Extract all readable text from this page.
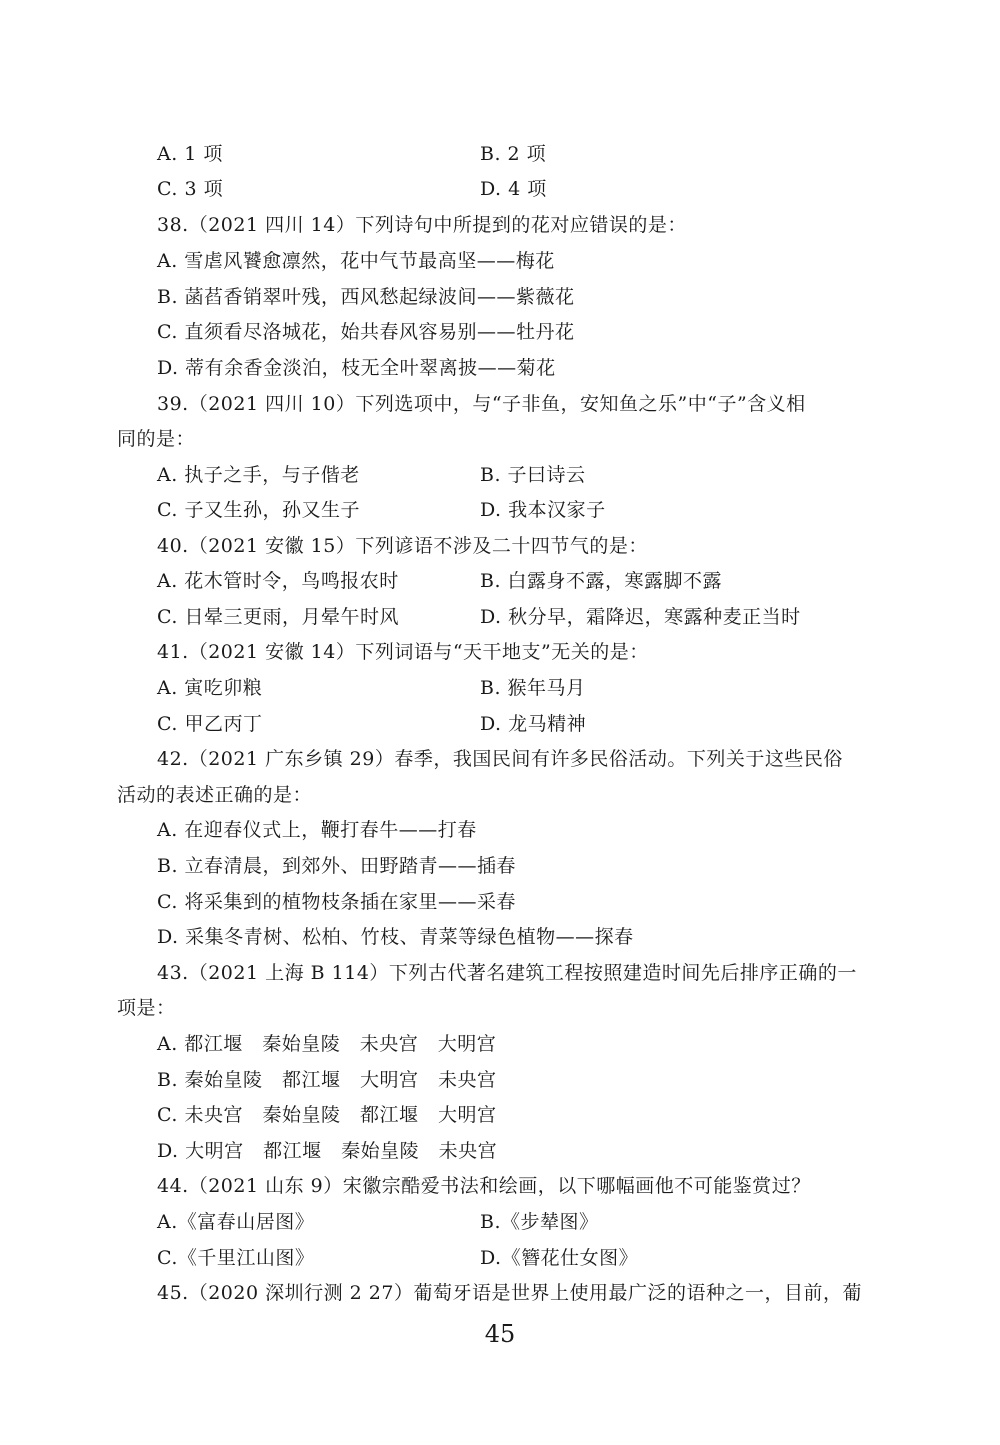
A. 1 项	B. 2 项
C. 3 项	D. 4 项
38.（2021 四川 14）下列诗句中所提到的花对应错误的是：
A. 雪虐风饕愈凛然，花中气节最高坚——梅花
B. 菡萏香销翠叶残，西风愁起绿波间——紫薇花
C. 直须看尽洛城花，始共春风容易别——牡丹花
D. 蒂有余香金淡泊，枝无全叶翠离披——菊花
39.（2021 四川 10）下列选项中，与“子非鱼，安知鱼之乐”中“子”含义相
同的是：
A. 执子之手，与子偕老	B. 子曰诗云
C. 子又生孙，孙又生子	D. 我本汉家子
40.（2021 安徽 15）下列谚语不涉及二十四节气的是：
A. 花木管时令，鸟鸣报农时	B. 白露身不露，寒露脚不露
C. 日晕三更雨，月晕午时风	D. 秋分早，霜降迟，寒露种麦正当时
41.（2021 安徽 14）下列词语与“天干地支”无关的是：
A. 寅吃卯粮	B. 猴年马月
C. 甲乙丙丁	D. 龙马精神
42.（2021 广东乡镇 29）春季，我国民间有许多民俗活动。下列关于这些民俗
活动的表述正确的是：
A. 在迎春仪式上，鞭打春牛——打春
B. 立春清晨，到郊外、田野踏青——插春
C. 将采集到的植物枝条插在家里——采春
D. 采集冬青树、松柏、竹枝、青菜等绿色植物——探春
43.（2021 上海 B 114）下列古代著名建筑工程按照建造时间先后排序正确的一
项是：
A. 都江堰　秦始皇陵　未央宫　大明宫
B. 秦始皇陵　都江堰　大明宫　未央宫
C. 未央宫　秦始皇陵　都江堰　大明宫
D. 大明宫　都江堰　秦始皇陵　未央宫
44.（2021 山东 9）宋徽宗酷爱书法和绘画，以下哪幅画他不可能鉴赏过？
A.《富春山居图》	B.《步辇图》
C.《千里江山图》	D.《簪花仕女图》
45.（2020 深圳行测 2 27）葡萄牙语是世界上使用最广泛的语种之一，目前，葡
45
